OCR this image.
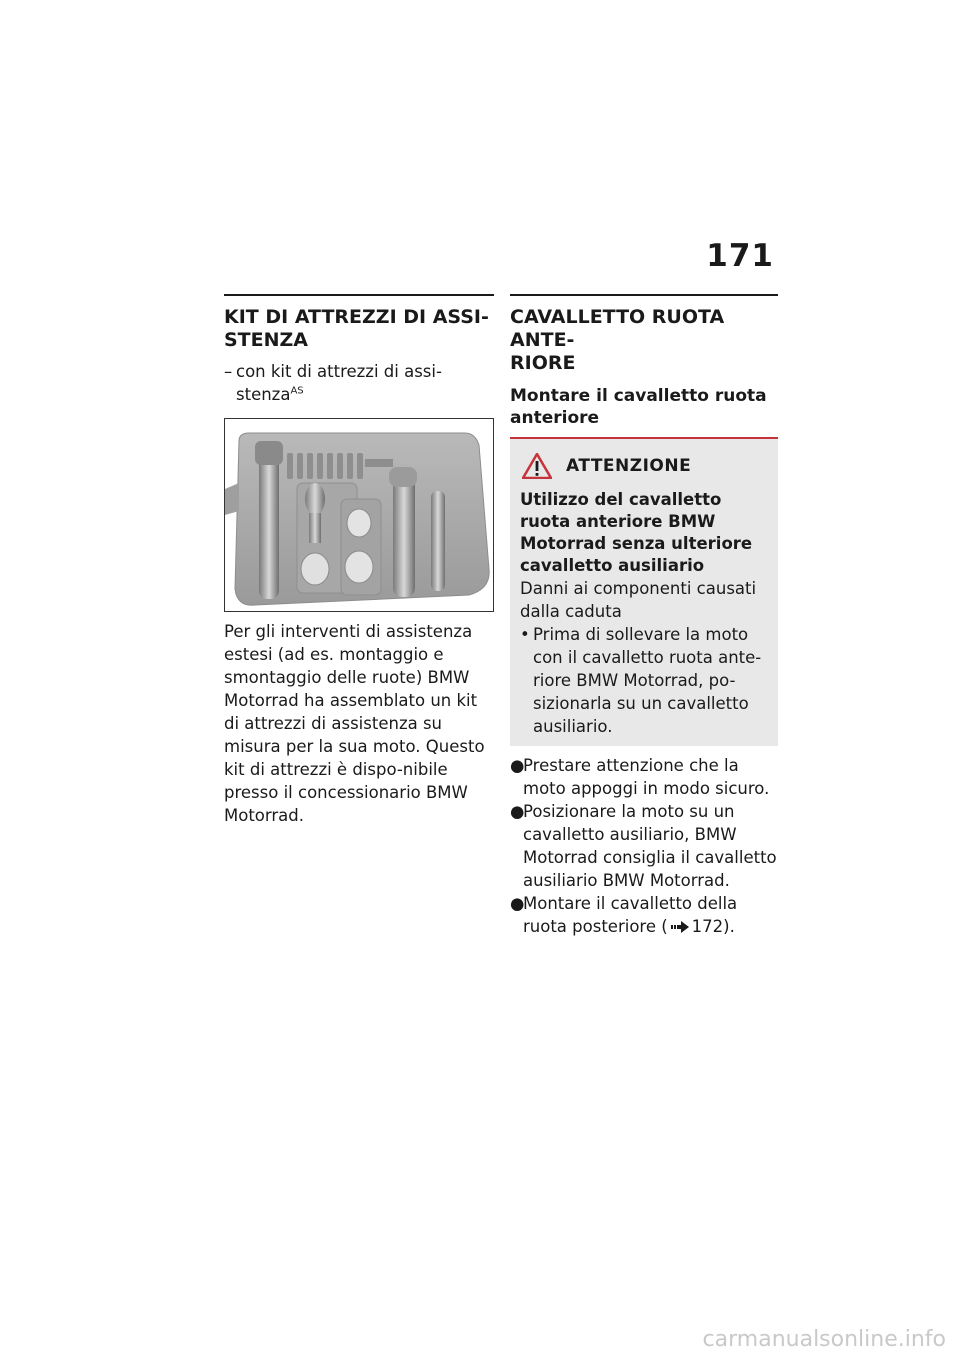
171
KIT DI ATTREZZI DI ASSI-
STENZA
– con kit di attrezzi di assi-
stenza$^{AS}$

Per gli interventi di assistenza estesi (ad es. montaggio e smontaggio delle ruote) BMW Motorrad ha assemblato un kit di attrezzi di assistenza su misura per la sua moto. Questo kit di attrezzi è dispo-nibile presso il concessionario BMW Motorrad.

CAVALLETTO RUOTA ANTE-
RIORE
Montare il cavalletto ruota
anteriore
ATTENZIONE

Utilizzo del cavalletto ruota anteriore BMW Motorrad senza ulteriore cavalletto ausiliario

Danni ai componenti causati dalla caduta

• Prima di sollevare la moto con il cavalletto ruota ante-riore BMW Motorrad, po-sizionarla su un cavalletto ausiliario.
●
Prestare attenzione che la moto appoggi in modo sicuro.
●
Posizionare la moto su un cavalletto ausiliario, BMW Motorrad consiglia il cavalletto ausiliario BMW Motorrad.
●
Montare il cavalletto della ruota posteriore ( 172).
carmanualsonline.info
